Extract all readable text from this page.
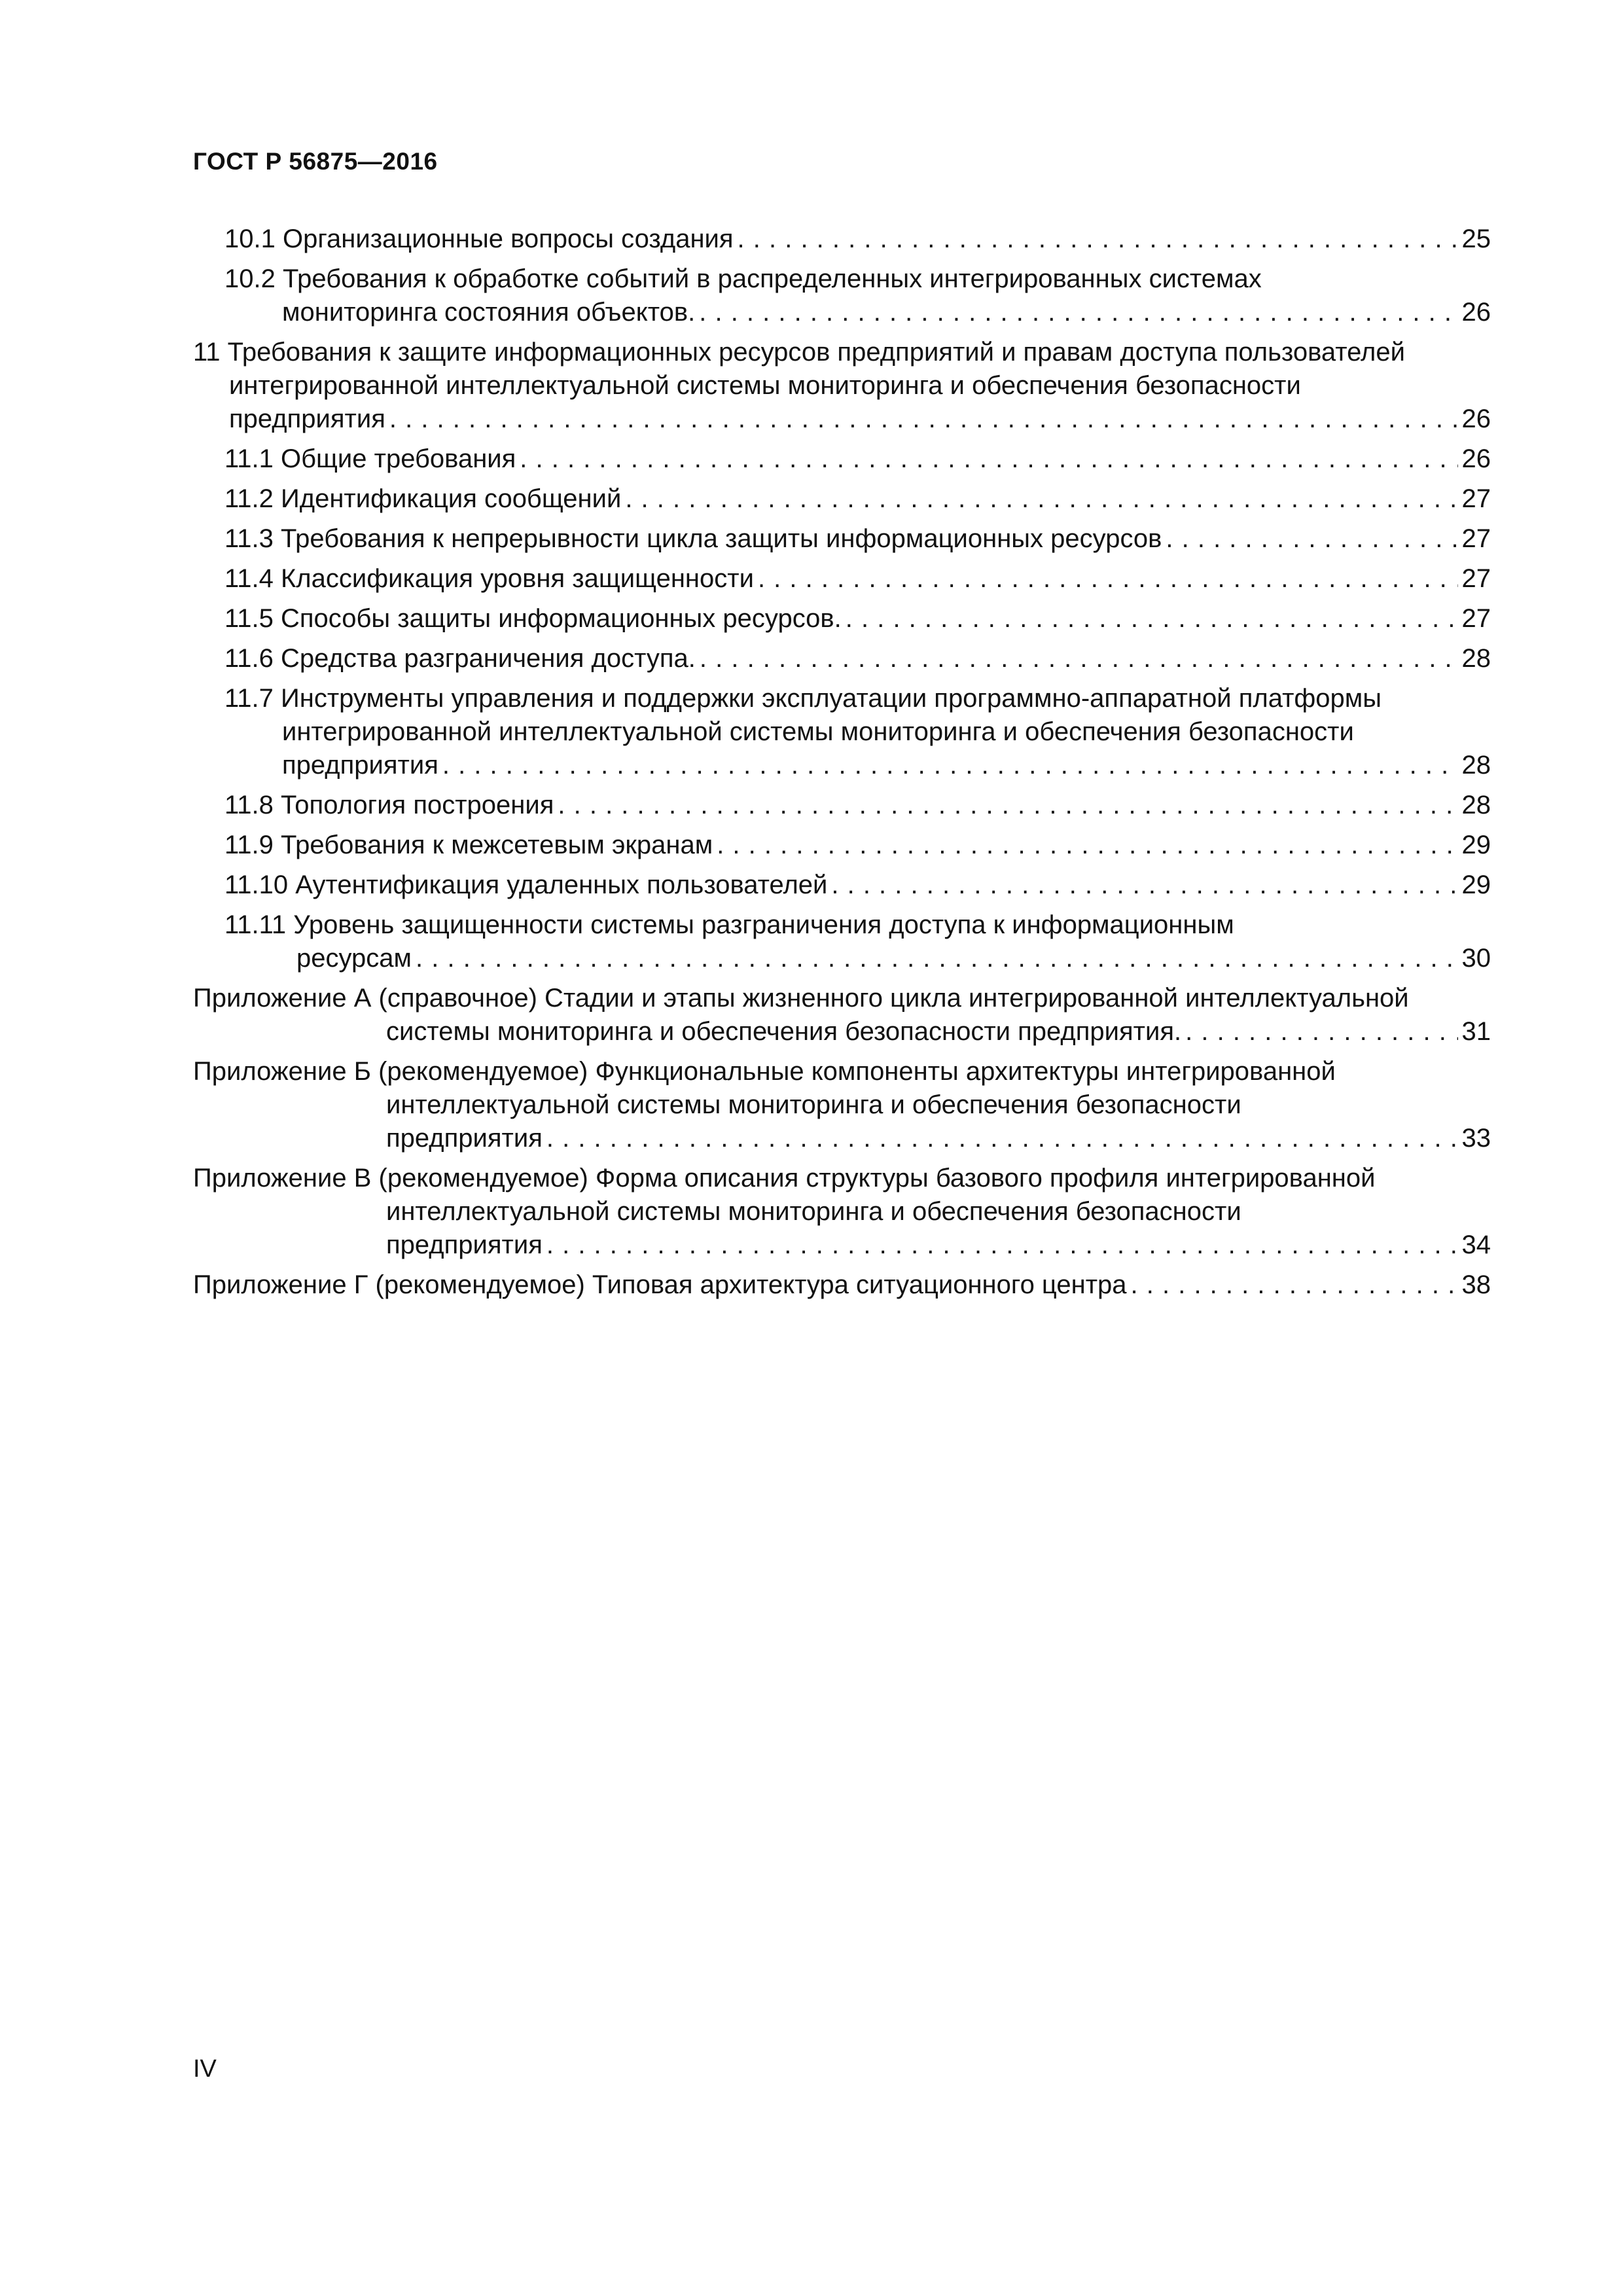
ГОСТ Р 56875—2016
10.1 Организационные вопросы создания . . .	25
10.2 Требования к обработке событий в распределенных интегрированных системах
мониторинга состояния объектов. . . .	26
11 Требования к защите информационных ресурсов предприятий и правам доступа пользователей
интегрированной интеллектуальной системы мониторинга и обеспечения безопасности
предприятия . . .	26
11.1 Общие требования . . .	26
11.2 Идентификация сообщений . . .	27
11.3 Требования к непрерывности цикла защиты информационных ресурсов . . .	27
11.4 Классификация уровня защищенности . . .	27
11.5 Способы защиты информационных ресурсов. . . .	27
11.6 Средства разграничения доступа. . . .	28
11.7 Инструменты управления и поддержки эксплуатации программно-аппаратной платформы
интегрированной интеллектуальной системы мониторинга и обеспечения безопасности
предприятия . . .	28
11.8 Топология построения . . .	28
11.9 Требования к межсетевым экранам . . .	29
11.10 Аутентификация удаленных пользователей . . .	29
11.11 Уровень защищенности системы разграничения доступа к информационным
ресурсам . . .	30
Приложение А (справочное) Стадии и этапы жизненного цикла интегрированной интеллектуальной
системы мониторинга и обеспечения безопасности предприятия. . . .	31
Приложение Б (рекомендуемое) Функциональные компоненты архитектуры интегрированной
интеллектуальной системы мониторинга и обеспечения безопасности
предприятия . . .	33
Приложение В (рекомендуемое) Форма описания структуры базового профиля интегрированной
интеллектуальной системы мониторинга и обеспечения безопасности
предприятия . . .	34
Приложение Г (рекомендуемое) Типовая архитектура ситуационного центра . . .	38
IV
